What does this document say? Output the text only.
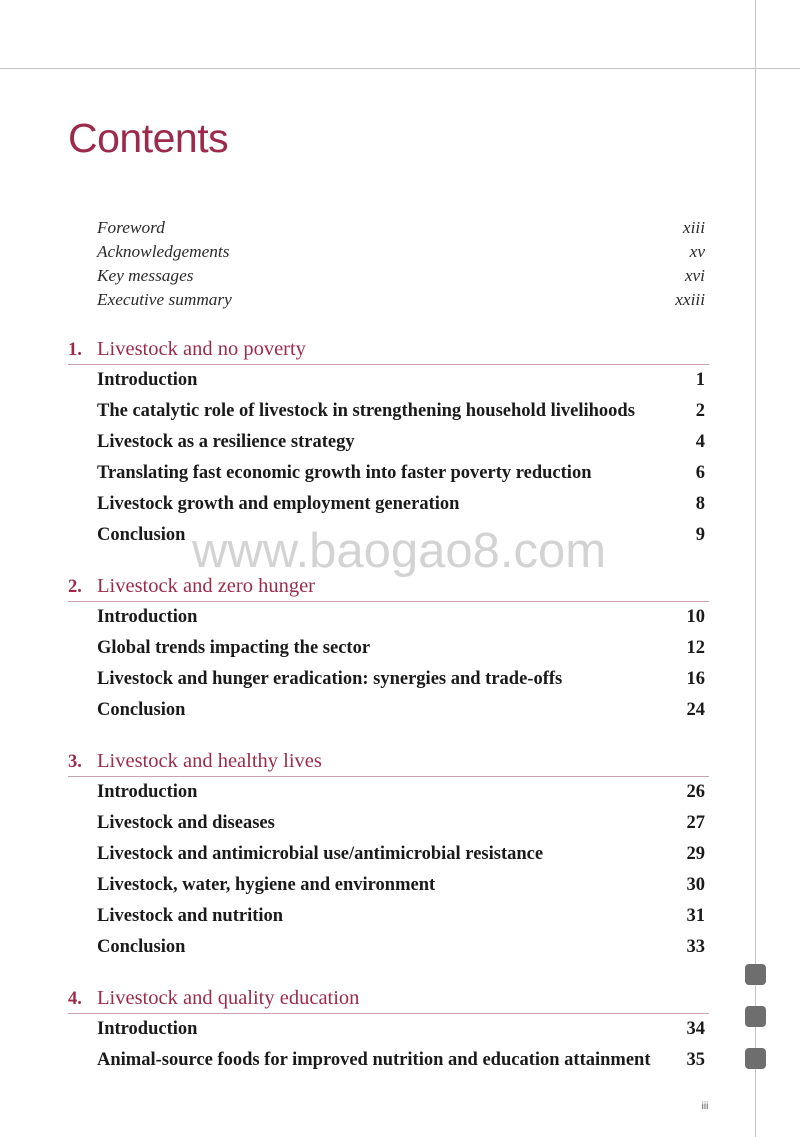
Contents
Foreword	xiii
Acknowledgements	xv
Key messages	xvi
Executive summary	xxiii
www.baogao8.com
1. Livestock and no poverty
Introduction	1
The catalytic role of livestock in strengthening household livelihoods	2
Livestock as a resilience strategy	4
Translating fast economic growth into faster poverty reduction	6
Livestock growth and employment generation	8
Conclusion	9
2. Livestock and zero hunger
Introduction	10
Global trends impacting the sector	12
Livestock and hunger eradication: synergies and trade-offs	16
Conclusion	24
3. Livestock and healthy lives
Introduction	26
Livestock and diseases	27
Livestock and antimicrobial use/antimicrobial resistance	29
Livestock, water, hygiene and environment	30
Livestock and nutrition	31
Conclusion	33
4. Livestock and quality education
Introduction	34
Animal-source foods for improved nutrition and education attainment 35
iii
